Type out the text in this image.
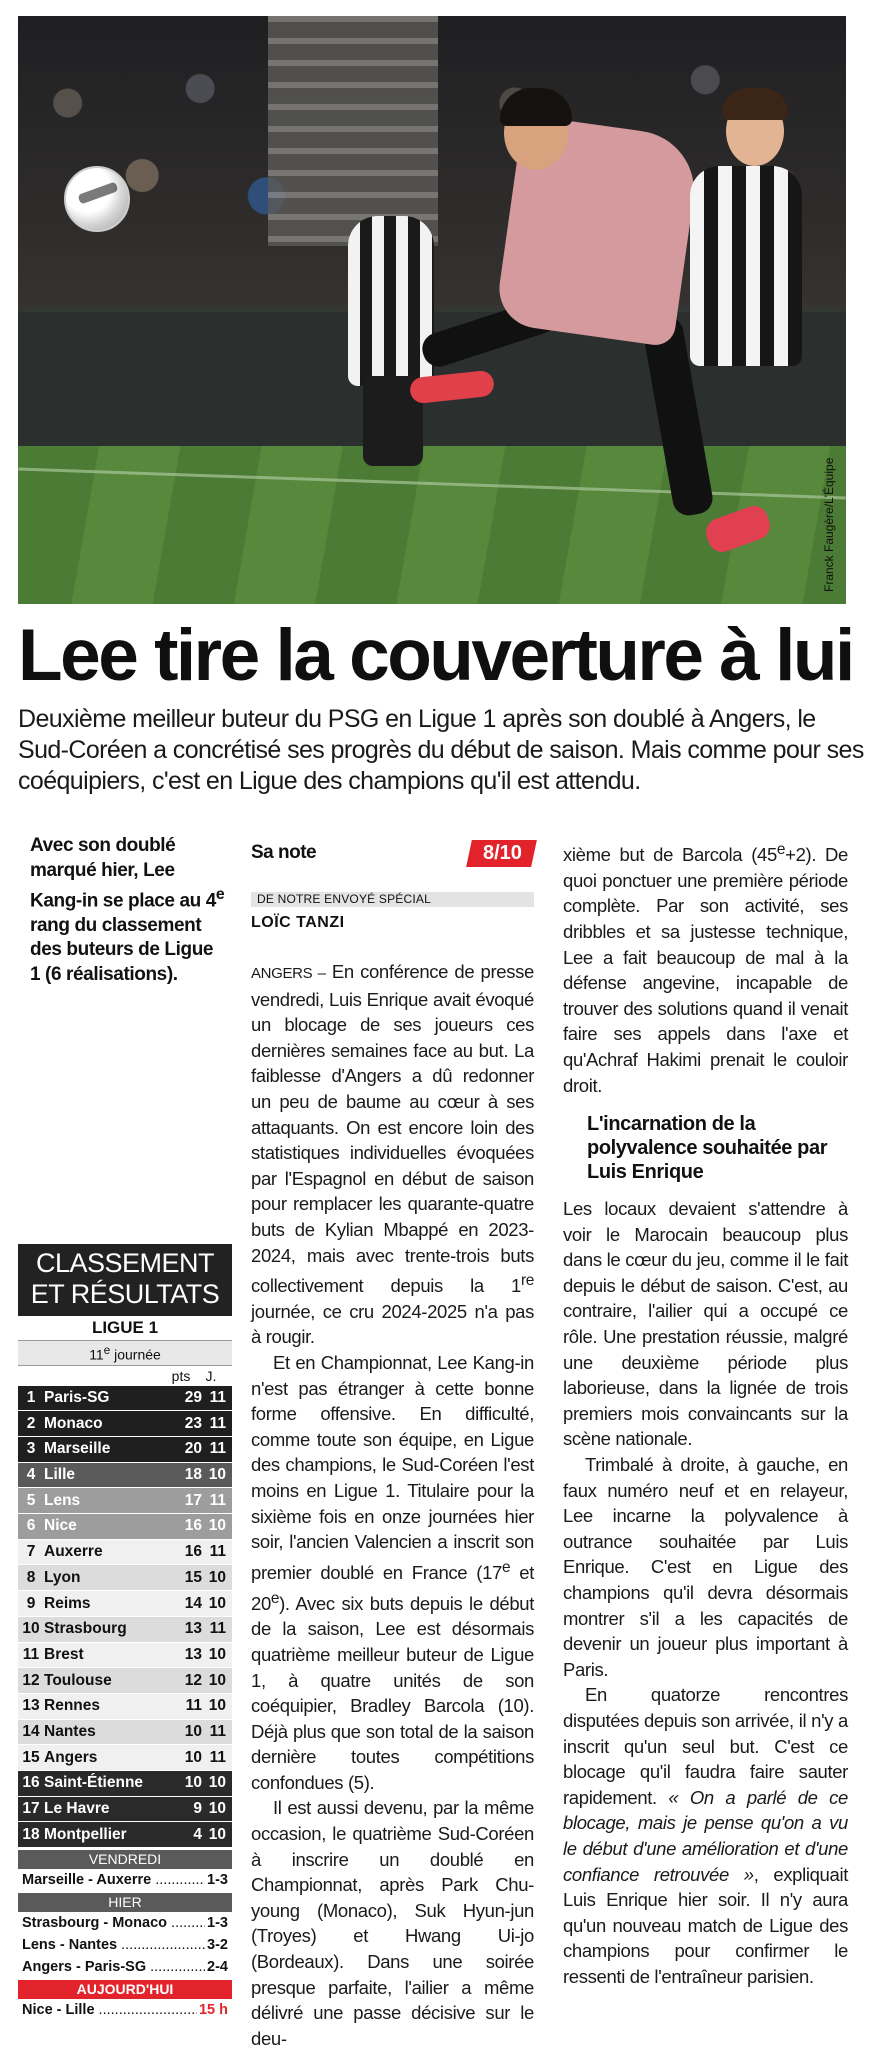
Franck Faugère/L'Équipe
Lee tire la couverture à lui

Deuxième meilleur buteur du PSG en Ligue 1 après son doublé à Angers, le Sud-Coréen a concrétisé ses progrès du début de saison. Mais comme pour ses coéquipiers, c'est en Ligue des champions qu'il est attendu.

Avec son doublé marqué hier, Lee Kang-in se place au 4e rang du classement des buteurs de Ligue 1 (6 réalisations).

CLASSEMENT
ET RÉSULTATS
LIGUE 1
11e journée
pts	J.
1 Paris-SG	29 11
2 Monaco	23 11
3 Marseille	20 11
4 Lille	18 10
5 Lens	17 11
6 Nice	16 10
7 Auxerre	16 11
8 Lyon	15 10
9 Reims	14 10
10 Strasbourg	13 11
11 Brest	13 10
12 Toulouse	12 10
13 Rennes	11 10
14 Nantes	10 11
15 Angers	10 11
16 Saint-Étienne	10 10
17 Le Havre	9 10
18 Montpellier	4 10
VENDREDI
Marseille - Auxerre .....	1-3
HIER
Strasbourg - Monaco .....	1-3
Lens - Nantes .....	3-2
Angers - Paris-SG .....	2-4
AUJOURD'HUI
Nice - Lille .....	15 h
Sa note	8/10
DE NOTRE ENVOYÉ SPÉCIAL
LOÏC TANZI

ANGERS – En conférence de presse vendredi, Luis Enrique avait évoqué un blocage de ses joueurs ces dernières semaines face au but. La faiblesse d'Angers a dû redonner un peu de baume au cœur à ses attaquants. On est encore loin des statistiques individuelles évoquées par l'Espagnol en début de saison pour remplacer les quarante-quatre buts de Kylian Mbappé en 2023-2024, mais avec trente-trois buts collectivement depuis la 1re journée, ce cru 2024-2025 n'a pas à rougir.

Et en Championnat, Lee Kang-in n'est pas étranger à cette bonne forme offensive. En difficulté, comme toute son équipe, en Ligue des champions, le Sud-Coréen l'est moins en Ligue 1. Titulaire pour la sixième fois en onze journées hier soir, l'ancien Valencien a inscrit son premier doublé en France (17e et 20e). Avec six buts depuis le début de la saison, Lee est désormais quatrième meilleur buteur de Ligue 1, à quatre unités de son coéquipier, Bradley Barcola (10). Déjà plus que son total de la saison dernière toutes compétitions confondues (5).

Il est aussi devenu, par la même occasion, le quatrième Sud-Coréen à inscrire un doublé en Championnat, après Park Chu-young (Monaco), Suk Hyun-jun (Troyes) et Hwang Ui-jo (Bordeaux). Dans une soirée presque parfaite, l'ailier a même délivré une passe décisive sur le deu-

xième but de Barcola $(45^e+2)$. De quoi ponctuer une première période complète. Par son activité, ses dribbles et sa justesse technique, Lee a fait beaucoup de mal à la défense angevine, incapable de trouver des solutions quand il venait faire ses appels dans l'axe et qu'Achraf Hakimi prenait le couloir droit.

L'incarnation de la polyvalence souhaitée par Luis Enrique

Les locaux devaient s'attendre à voir le Marocain beaucoup plus dans le cœur du jeu, comme il le fait depuis le début de saison. C'est, au contraire, l'ailier qui a occupé ce rôle. Une prestation réussie, malgré une deuxième période plus laborieuse, dans la lignée de trois premiers mois convaincants sur la scène nationale.

Trimbalé à droite, à gauche, en faux numéro neuf et en relayeur, Lee incarne la polyvalence à outrance souhaitée par Luis Enrique. C'est en Ligue des champions qu'il devra désormais montrer s'il a les capacités de devenir un joueur plus important à Paris.

En quatorze rencontres disputées depuis son arrivée, il n'y a inscrit qu'un seul but. C'est ce blocage qu'il faudra faire sauter rapidement. « On a parlé de ce blocage, mais je pense qu'on a vu le début d'une amélioration et d'une confiance retrouvée », expliquait Luis Enrique hier soir. Il n'y aura qu'un nouveau match de Ligue des champions pour confirmer le ressenti de l'entraîneur parisien.
